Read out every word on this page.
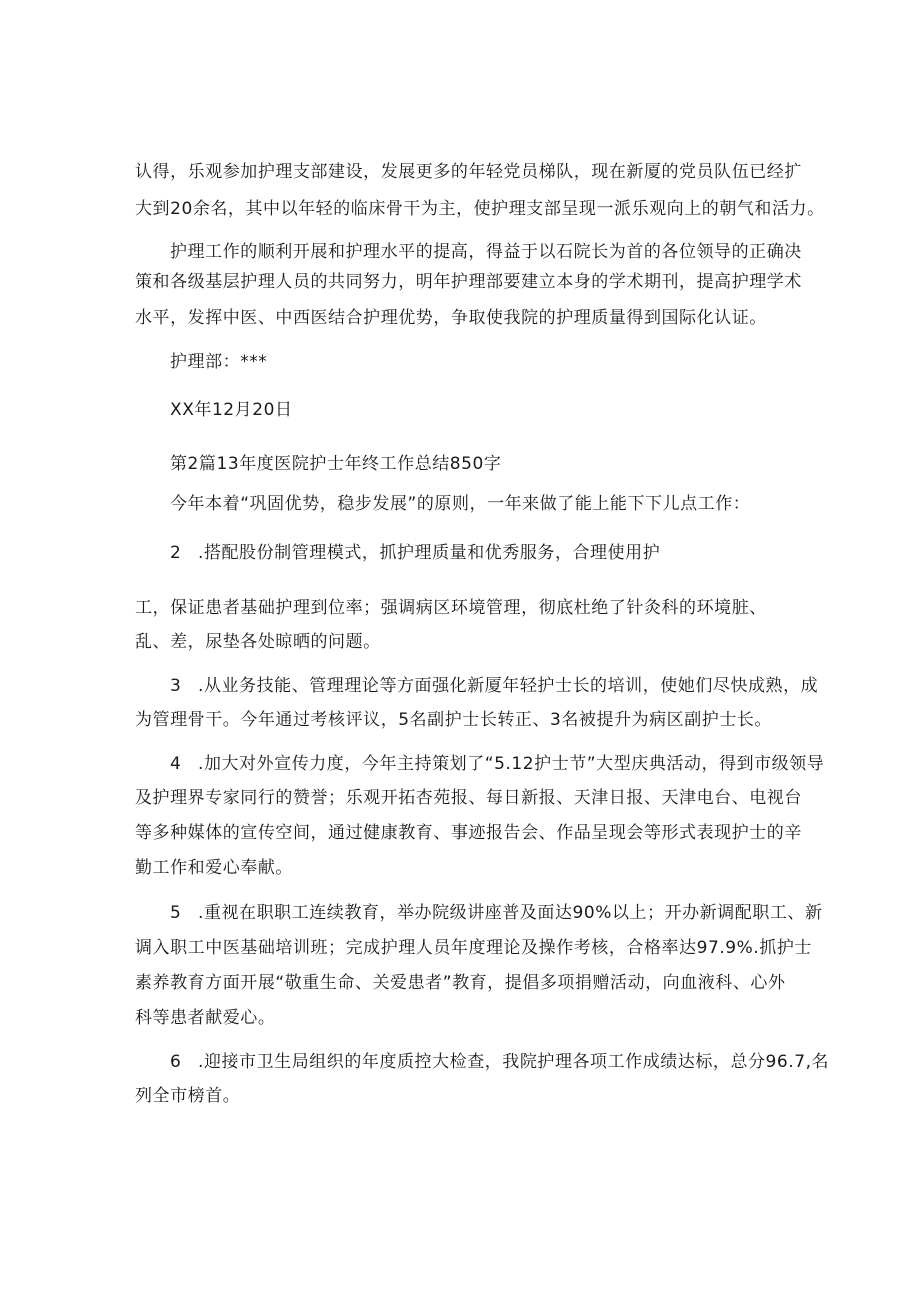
认得，乐观参加护理支部建设，发展更多的年轻党员梯队，现在新厦的党员队伍已经扩

大到20余名，其中以年轻的临床骨干为主，使护理支部呈现一派乐观向上的朝气和活力。

护理工作的顺利开展和护理水平的提高，得益于以石院长为首的各位领导的正确决

策和各级基层护理人员的共同努力，明年护理部要建立本身的学术期刊，提高护理学术

水平，发挥中医、中西医结合护理优势，争取使我院的护理质量得到国际化认证。

护理部：***

XX年12月20日

第2篇13年度医院护士年终工作总结850字

今年本着“巩固优势，稳步发展”的原则，一年来做了能上能下下儿点工作：

2 .搭配股份制管理模式，抓护理质量和优秀服务，合理使用护

工，保证患者基础护理到位率；强调病区环境管理，彻底杜绝了针灸科的环境脏、

乱、差，尿垫各处晾晒的问题。

3 .从业务技能、管理理论等方面强化新厦年轻护士长的培训，使她们尽快成熟，成

为管理骨干。今年通过考核评议，5名副护士长转正、3名被提升为病区副护士长。

4 .加大对外宣传力度，今年主持策划了“5.12护士节”大型庆典活动，得到市级领导

及护理界专家同行的赞誉；乐观开拓杏苑报、每日新报、天津日报、天津电台、电视台

等多种媒体的宣传空间，通过健康教育、事迹报告会、作品呈现会等形式表现护士的辛

勤工作和爱心奉献。

5 .重视在职职工连续教育，举办院级讲座普及面达90%以上；开办新调配职工、新

调入职工中医基础培训班；完成护理人员年度理论及操作考核，合格率达97.9%.抓护士

素养教育方面开展“敬重生命、关爱患者”教育，提倡多项捐赠活动，向血液科、心外

科等患者献爱心。

6 .迎接市卫生局组织的年度质控大检查，我院护理各项工作成绩达标，总分96.7,名

列全市榜首。
